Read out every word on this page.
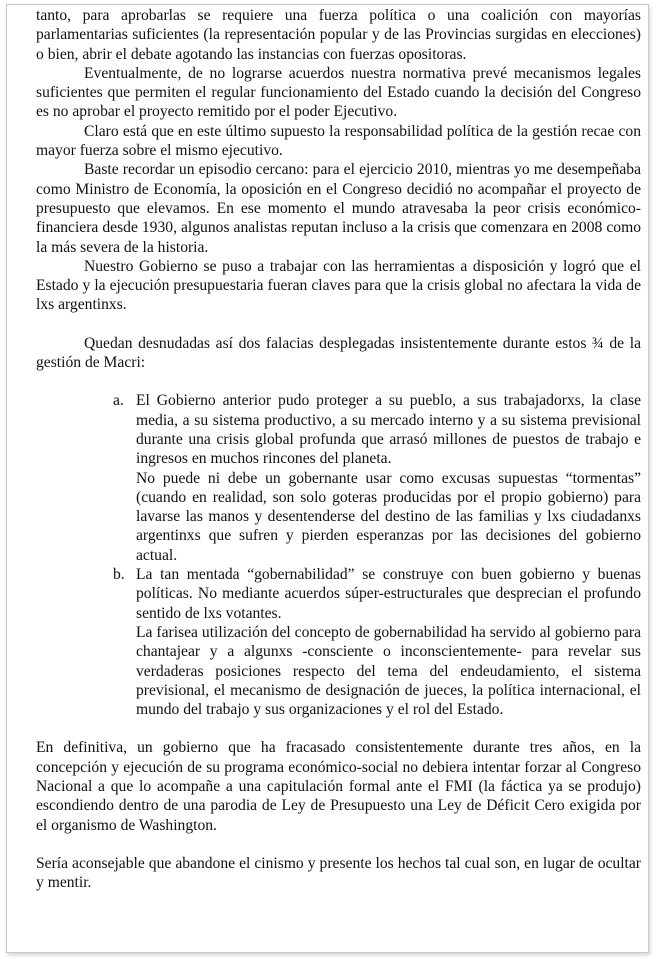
tanto, para aprobarlas se requiere una fuerza política o una coalición con mayorías parlamentarias suficientes (la representación popular y de las Provincias surgidas en elecciones) o bien, abrir el debate agotando las instancias con fuerzas opositoras.

Eventualmente, de no lograrse acuerdos nuestra normativa prevé mecanismos legales suficientes que permiten el regular funcionamiento del Estado cuando la decisión del Congreso es no aprobar el proyecto remitido por el poder Ejecutivo.

Claro está que en este último supuesto la responsabilidad política de la gestión recae con mayor fuerza sobre el mismo ejecutivo.

Baste recordar un episodio cercano: para el ejercicio 2010, mientras yo me desempeñaba como Ministro de Economía, la oposición en el Congreso decidió no acompañar el proyecto de presupuesto que elevamos. En ese momento el mundo atravesaba la peor crisis económico-financiera desde 1930, algunos analistas reputan incluso a la crisis que comenzara en 2008 como la más severa de la historia.

Nuestro Gobierno se puso a trabajar con las herramientas a disposición y logró que el Estado y la ejecución presupuestaria fueran claves para que la crisis global no afectara la vida de lxs argentinxs.

Quedan desnudadas así dos falacias desplegadas insistentemente durante estos ¾ de la gestión de Macri:

a. El Gobierno anterior pudo proteger a su pueblo, a sus trabajadorxs, la clase media, a su sistema productivo, a su mercado interno y a su sistema previsional durante una crisis global profunda que arrasó millones de puestos de trabajo e ingresos en muchos rincones del planeta.

No puede ni debe un gobernante usar como excusas supuestas “tormentas” (cuando en realidad, son solo goteras producidas por el propio gobierno) para lavarse las manos y desentenderse del destino de las familias y lxs ciudadanxs argentinxs que sufren y pierden esperanzas por las decisiones del gobierno actual.

b. La tan mentada “gobernabilidad” se construye con buen gobierno y buenas políticas. No mediante acuerdos súper-estructurales que desprecian el profundo sentido de lxs votantes.

La farisea utilización del concepto de gobernabilidad ha servido al gobierno para chantajear y a algunxs -consciente o inconscientemente- para revelar sus verdaderas posiciones respecto del tema del endeudamiento, el sistema previsional, el mecanismo de designación de jueces, la política internacional, el mundo del trabajo y sus organizaciones y el rol del Estado.

En definitiva, un gobierno que ha fracasado consistentemente durante tres años, en la concepción y ejecución de su programa económico-social no debiera intentar forzar al Congreso Nacional a que lo acompañe a una capitulación formal ante el FMI (la fáctica ya se produjo) escondiendo dentro de una parodia de Ley de Presupuesto una Ley de Déficit Cero exigida por el organismo de Washington.

Sería aconsejable que abandone el cinismo y presente los hechos tal cual son, en lugar de ocultar y mentir.
